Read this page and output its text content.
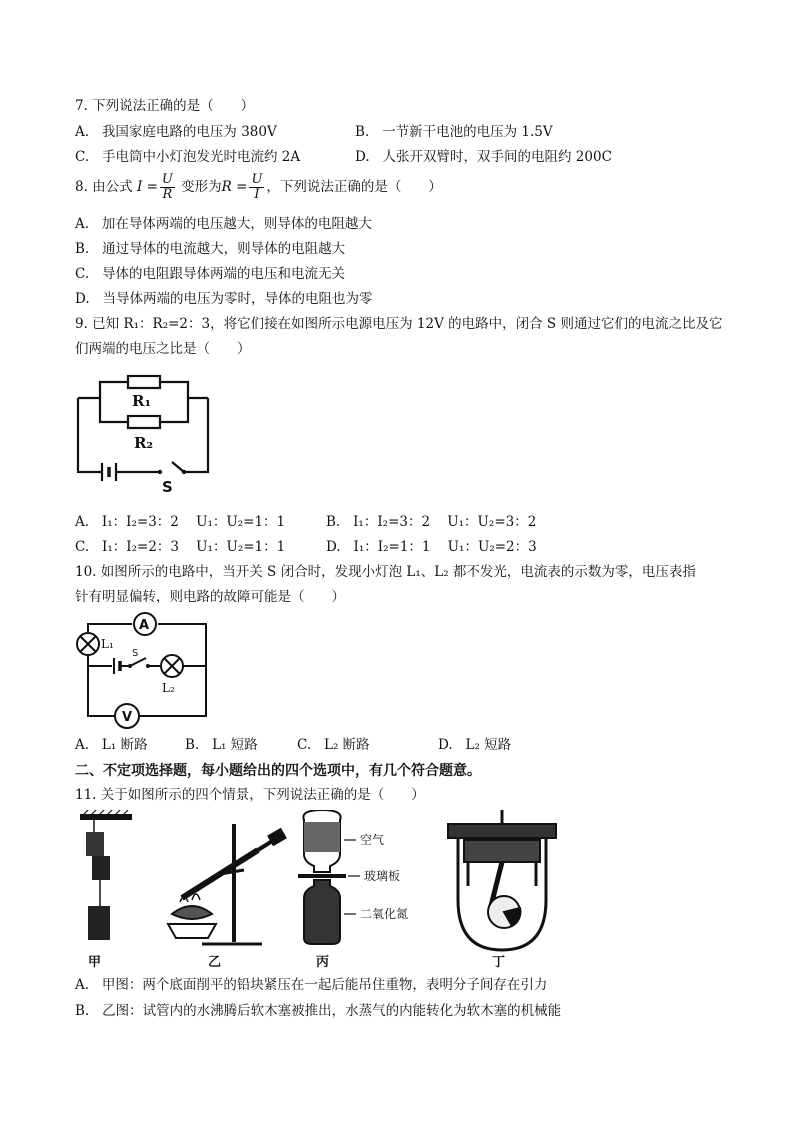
7. 下列说法正确的是（　　）
A. 我国家庭电路的电压为 380V	B. 一节新干电池的电压为 1.5V
C. 手电筒中小灯泡发光时电流约 2A	D. 人张开双臂时，双手间的电阻约 200C
8. 由公式 $I = \frac{U}{R}$ 变形为$R = \frac{U}{I}$ ，下列说法正确的是（　　）
A. 加在导体两端的电压越大，则导体的电阻越大
B. 通过导体的电流越大，则导体的电阻越大
C. 导体的电阻跟导体两端的电压和电流无关
D. 当导体两端的电压为零时，导体的电阻也为零
9. 已知 R₁：R₂=2：3，将它们接在如图所示电源电压为 12V 的电路中，闭合 S 则通过它们的电流之比及它
们两端的电压之比是（　　）
R₁
R₂
S
A. I₁：I₂=3：2 U₁：U₂=1：1	B. I₁：I₂=3：2 U₁：U₂=3：2
C. I₁：I₂=2：3 U₁：U₂=1：1	D. I₁：I₂=1：1 U₁：U₂=2：3
10. 如图所示的电路中，当开关 S 闭合时，发现小灯泡 L₁、L₂ 都不发光，电流表的示数为零，电压表指
针有明显偏转，则电路的故障可能是（　　）
A
V
L₁
L₂
S
A. L₁ 断路	B. L₁ 短路	C. L₂ 断路	D. L₂ 短路
二、不定项选择题，每小题给出的四个选项中，有几个符合题意。
11. 关于如图所示的四个情景，下列说法正确的是（　　）
甲	乙
空气
玻璃板
二氧化氮
丙	丁
A. 甲图：两个底面削平的铅块紧压在一起后能吊住重物，表明分子间存在引力
B. 乙图：试管内的水沸腾后软木塞被推出，水蒸气的内能转化为软木塞的机械能
